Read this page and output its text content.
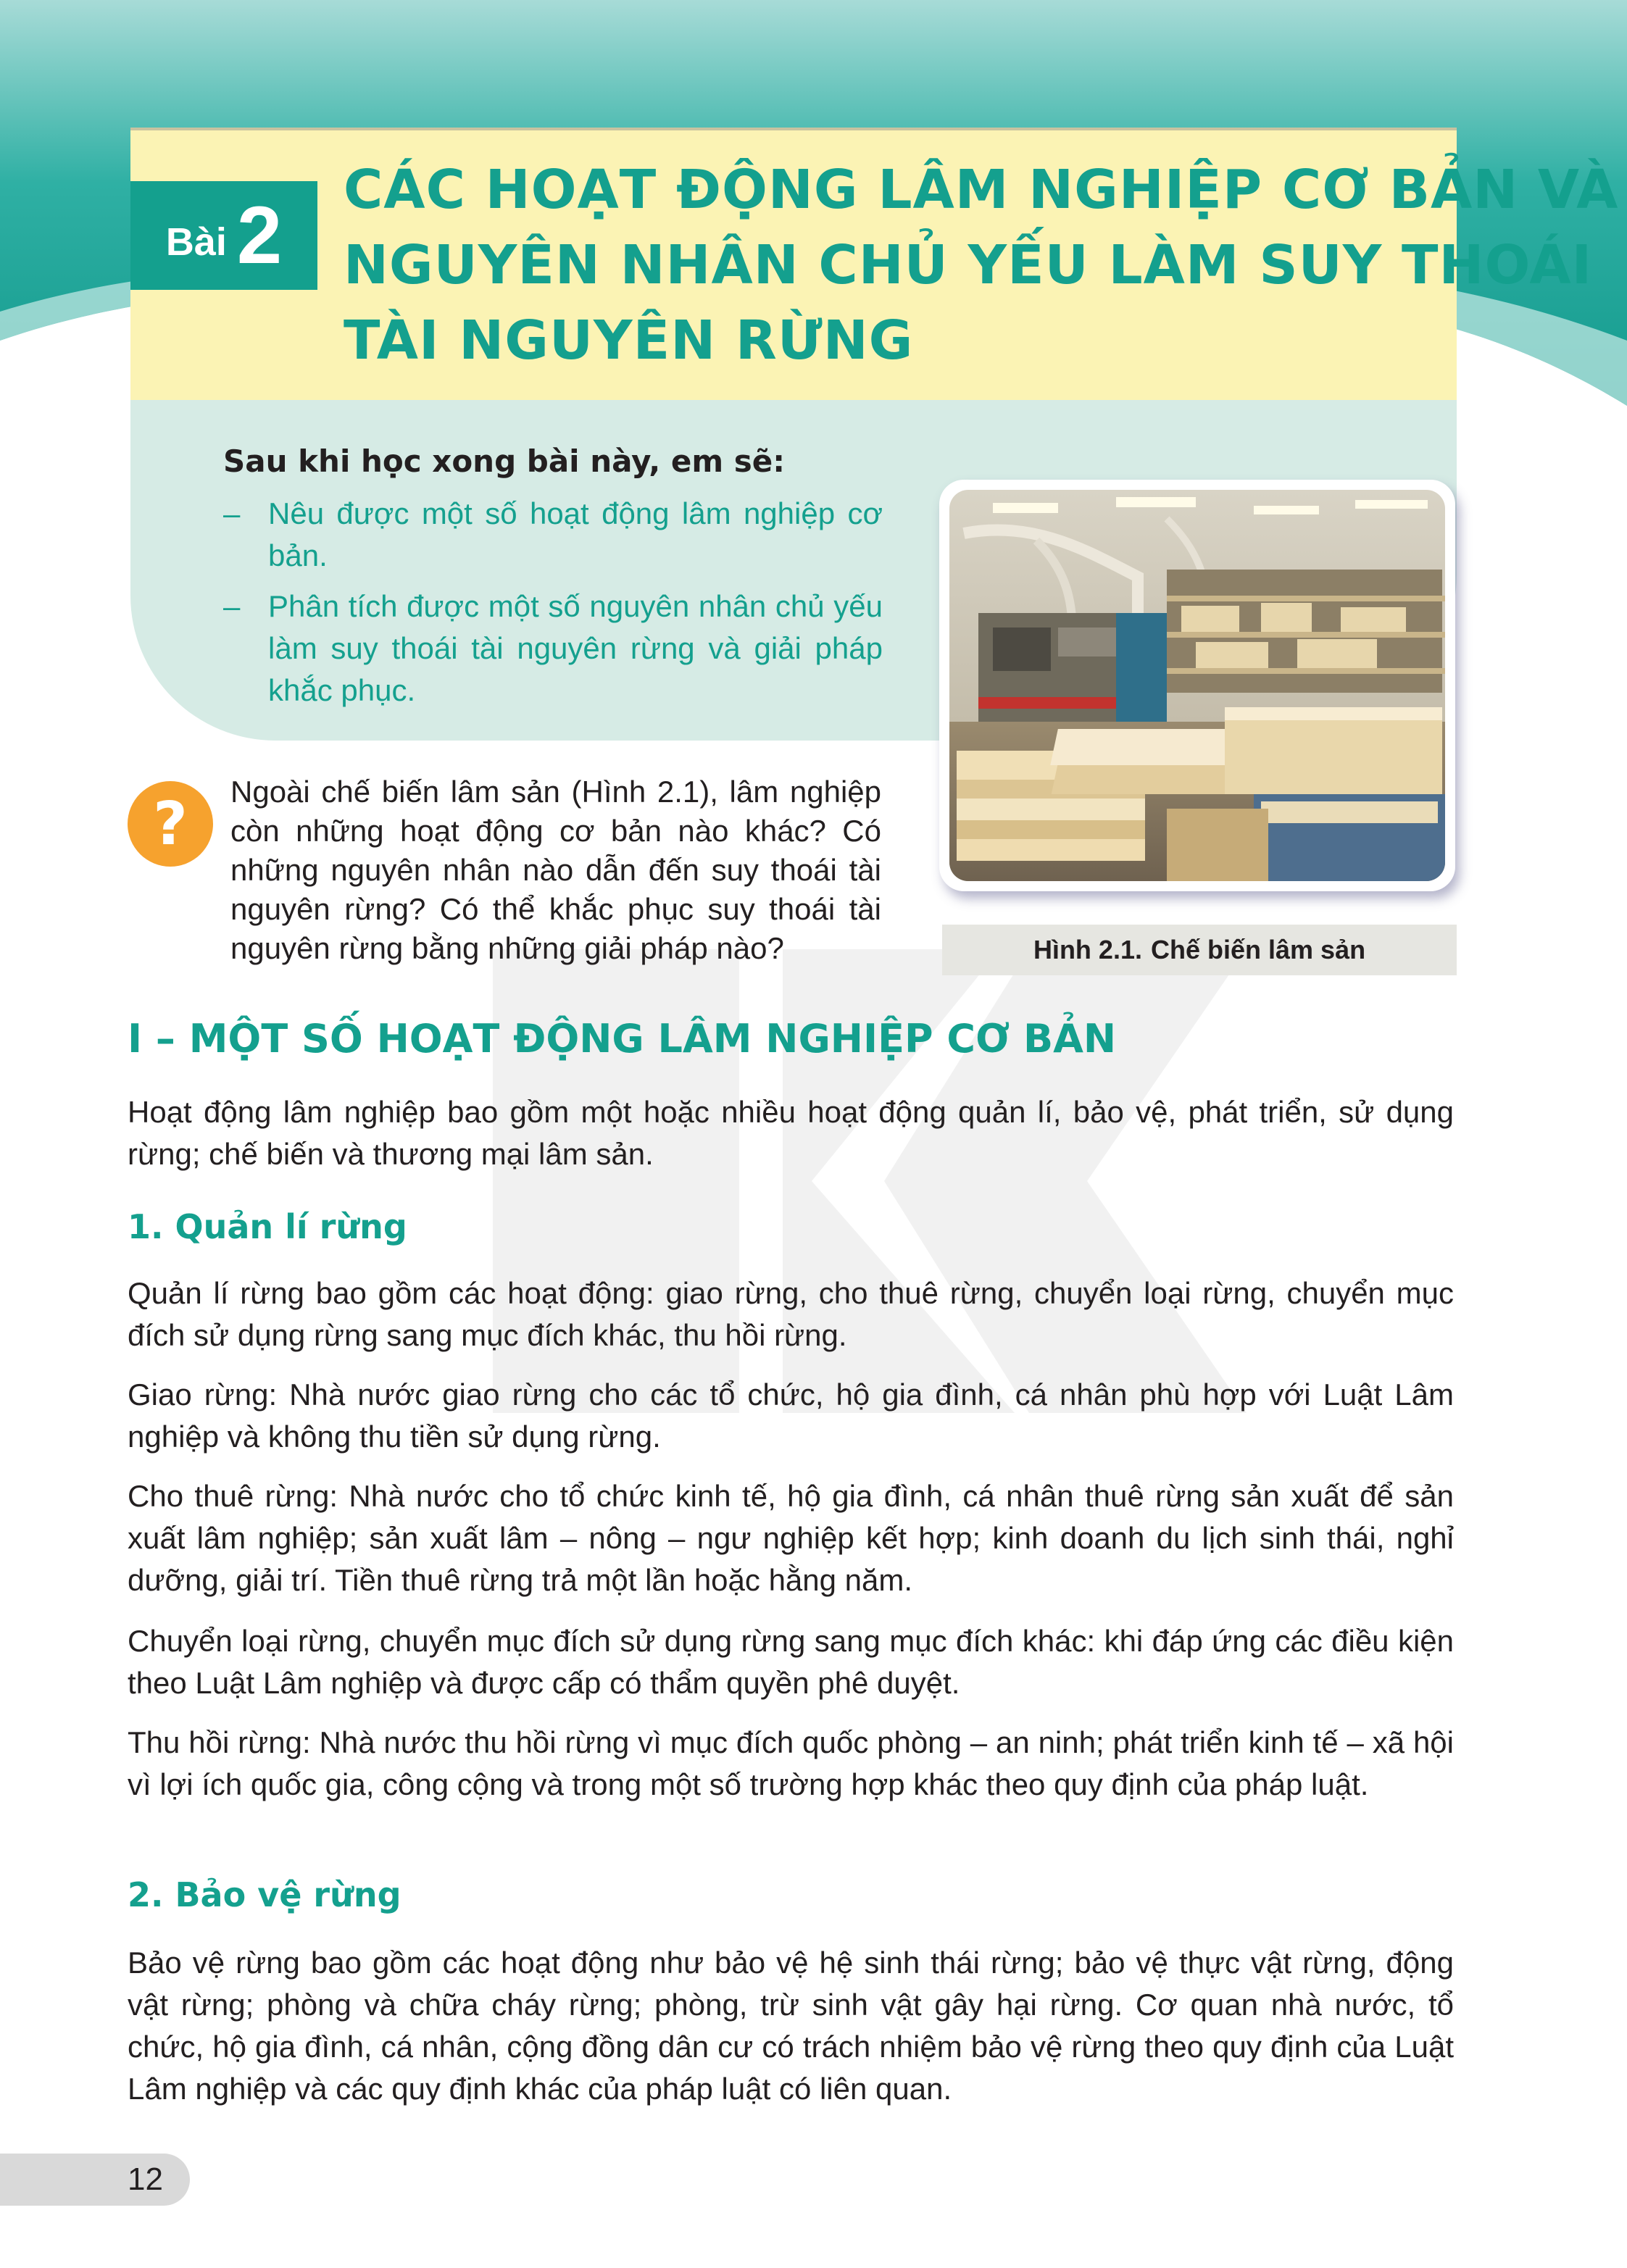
Bài 2 CÁC HOẠT ĐỘNG LÂM NGHIỆP CƠ BẢN VÀ
NGUYÊN NHÂN CHỦ YẾU LÀM SUY THOÁI
TÀI NGUYÊN RỪNG
Sau khi học xong bài này, em sẽ:
– Nêu được một số hoạt động lâm nghiệp cơ bản.
– Phân tích được một số nguyên nhân chủ yếu làm suy thoái tài nguyên rừng và giải pháp khắc phục.
?	Ngoài chế biến lâm sản (Hình 2.1), lâm nghiệp còn những hoạt động cơ bản nào khác? Có những nguyên nhân nào dẫn đến suy thoái tài nguyên rừng? Có thể khắc phục suy thoái tài nguyên rừng bằng những giải pháp nào?	Hình 2.1. Chế biến lâm sản
I – MỘT SỐ HOẠT ĐỘNG LÂM NGHIỆP CƠ BẢN

Hoạt động lâm nghiệp bao gồm một hoặc nhiều hoạt động quản lí, bảo vệ, phát triển, sử dụng rừng; chế biến và thương mại lâm sản.

1. Quản lí rừng

Quản lí rừng bao gồm các hoạt động: giao rừng, cho thuê rừng, chuyển loại rừng, chuyển mục đích sử dụng rừng sang mục đích khác, thu hồi rừng.

Giao rừng: Nhà nước giao rừng cho các tổ chức, hộ gia đình, cá nhân phù hợp với Luật Lâm nghiệp và không thu tiền sử dụng rừng.

Cho thuê rừng: Nhà nước cho tổ chức kinh tế, hộ gia đình, cá nhân thuê rừng sản xuất để sản xuất lâm nghiệp; sản xuất lâm – nông – ngư nghiệp kết hợp; kinh doanh du lịch sinh thái, nghỉ dưỡng, giải trí. Tiền thuê rừng trả một lần hoặc hằng năm.

Chuyển loại rừng, chuyển mục đích sử dụng rừng sang mục đích khác: khi đáp ứng các điều kiện theo Luật Lâm nghiệp và được cấp có thẩm quyền phê duyệt.

Thu hồi rừng: Nhà nước thu hồi rừng vì mục đích quốc phòng – an ninh; phát triển kinh tế – xã hội vì lợi ích quốc gia, công cộng và trong một số trường hợp khác theo quy định của pháp luật.

2. Bảo vệ rừng

Bảo vệ rừng bao gồm các hoạt động như bảo vệ hệ sinh thái rừng; bảo vệ thực vật rừng, động vật rừng; phòng và chữa cháy rừng; phòng, trừ sinh vật gây hại rừng. Cơ quan nhà nước, tổ chức, hộ gia đình, cá nhân, cộng đồng dân cư có trách nhiệm bảo vệ rừng theo quy định của Luật Lâm nghiệp và các quy định khác của pháp luật có liên quan.

12
